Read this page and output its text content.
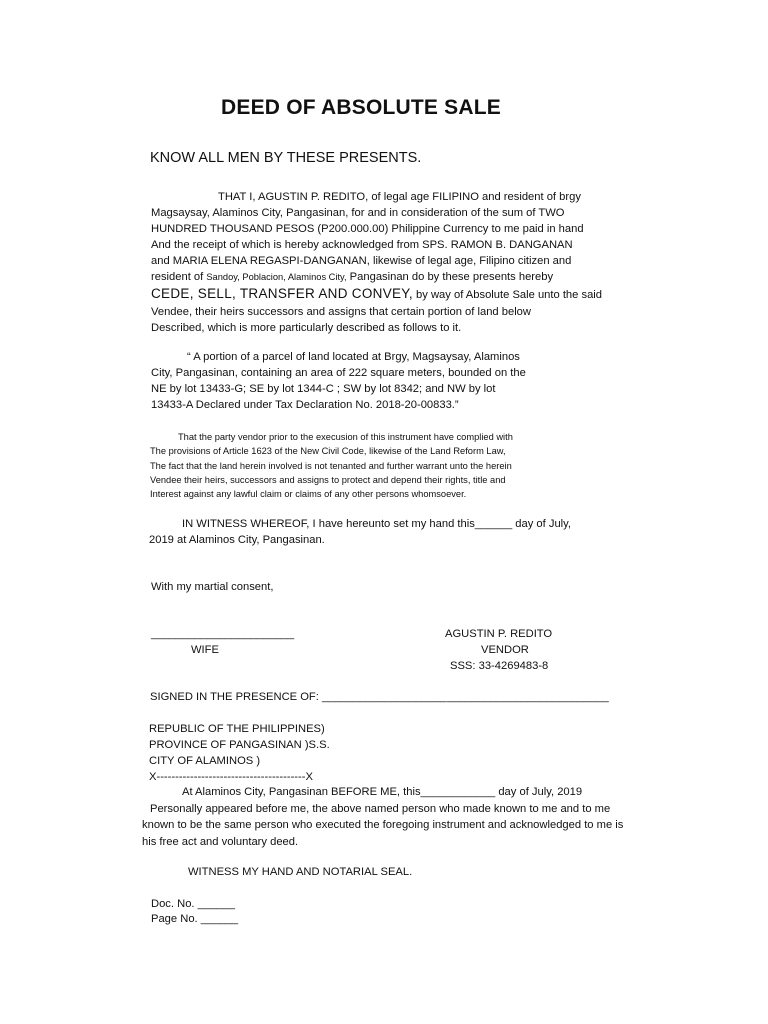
DEED OF ABSOLUTE SALE
KNOW ALL MEN BY THESE PRESENTS.
THAT I, AGUSTIN P. REDITO, of legal age FILIPINO and resident of brgy
Magsaysay, Alaminos City, Pangasinan, for and in consideration of the sum of TWO
HUNDRED THOUSAND PESOS (P200.000.00) Philippine Currency to me paid in hand
And the receipt of which is hereby acknowledged from SPS. RAMON B. DANGANAN
and MARIA ELENA REGASPI-DANGANAN, likewise of legal age, Filipino citizen and
resident of Sandoy, Poblacion, Alaminos City, Pangasinan do by these presents hereby
CEDE, SELL, TRANSFER AND CONVEY, by way of Absolute Sale unto the said
Vendee, their heirs successors and assigns that certain portion of land below
Described, which is more particularly described as follows to it.
“ A portion of a parcel of land located at Brgy, Magsaysay, Alaminos
City, Pangasinan, containing an area of 222 square meters, bounded on the
NE by lot 13433-G; SE by lot 1344-C ; SW by lot 8342; and NW by lot
13433-A Declared under Tax Declaration No. 2018-20-00833.”
That the party vendor prior to the execusion of this instrument have complied with
The provisions of Article 1623 of the New Civil Code, likewise of the Land Reform Law,
The fact that the land herein involved is not tenanted and further warrant unto the herein
Vendee their heirs, successors and assigns to protect and depend their rights, title and
Interest against any lawful claim or claims of any other persons whomsoever.
IN WITNESS WHEREOF, I have hereunto set my hand this______ day of July,
2019 at Alaminos City, Pangasinan.
With my martial consent,
_______________________
WIFE
AGUSTIN P. REDITO
VENDOR
SSS: 33-4269483-8
SIGNED IN THE PRESENCE OF: ____________________ __________________________
REPUBLIC OF THE PHILIPPINES)
PROVINCE OF PANGASINAN )S.S.
CITY OF ALAMINOS )
X----------------------------------------X
At Alaminos City, Pangasinan BEFORE ME, this____________ day of July, 2019
Personally appeared before me, the above named person who made known to me and to me
known to be the same person who executed the foregoing instrument and acknowledged to me is
his free act and voluntary deed.
WITNESS MY HAND AND NOTARIAL SEAL.
Doc. No. ______
Page No. ______
